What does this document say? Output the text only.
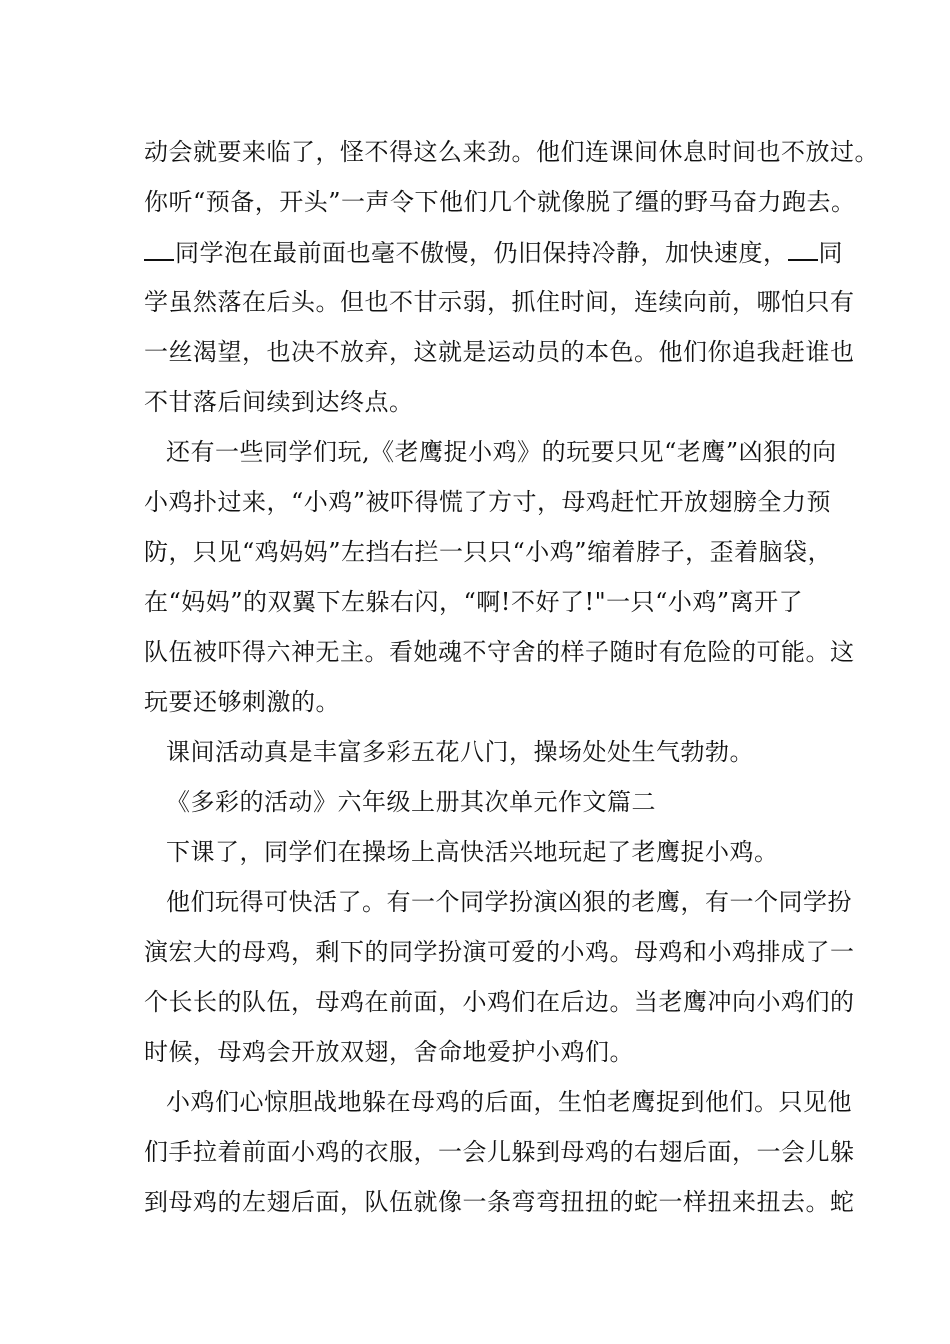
动会就要来临了，怪不得这么来劲。他们连课间休息时间也不放过。
你听“预备，开头”一声令下他们几个就像脱了缰的野马奋力跑去。
同学泡在最前面也毫不傲慢，仍旧保持冷静，加快速度， 同
学虽然落在后头。但也不甘示弱，抓住时间，连续向前，哪怕只有
一丝渴望，也决不放弃，这就是运动员的本色。他们你追我赶谁也
不甘落后间续到达终点。
还有一些同学们玩,《老鹰捉小鸡》的玩要只见“老鹰”凶狠的向
小鸡扑过来，“小鸡”被吓得慌了方寸，母鸡赶忙开放翅膀全力预
防，只见“鸡妈妈”左挡右拦一只只“小鸡”缩着脖子，歪着脑袋，
在“妈妈”的双翼下左躲右闪，“啊!不好了!"一只“小鸡”离开了
队伍被吓得六神无主。看她魂不守舍的样子随时有危险的可能。这
玩要还够刺激的。
课间活动真是丰富多彩五花八门，操场处处生气勃勃。
《多彩的活动》六年级上册其次单元作文篇二
下课了，同学们在操场上高快活兴地玩起了老鹰捉小鸡。
他们玩得可快活了。有一个同学扮演凶狠的老鹰，有一个同学扮
演宏大的母鸡，剩下的同学扮演可爱的小鸡。母鸡和小鸡排成了一
个长长的队伍，母鸡在前面，小鸡们在后边。当老鹰冲向小鸡们的
时候，母鸡会开放双翅，舍命地爱护小鸡们。
小鸡们心惊胆战地躲在母鸡的后面，生怕老鹰捉到他们。只见他
们手拉着前面小鸡的衣服，一会儿躲到母鸡的右翅后面，一会儿躲
到母鸡的左翅后面，队伍就像一条弯弯扭扭的蛇一样扭来扭去。蛇
